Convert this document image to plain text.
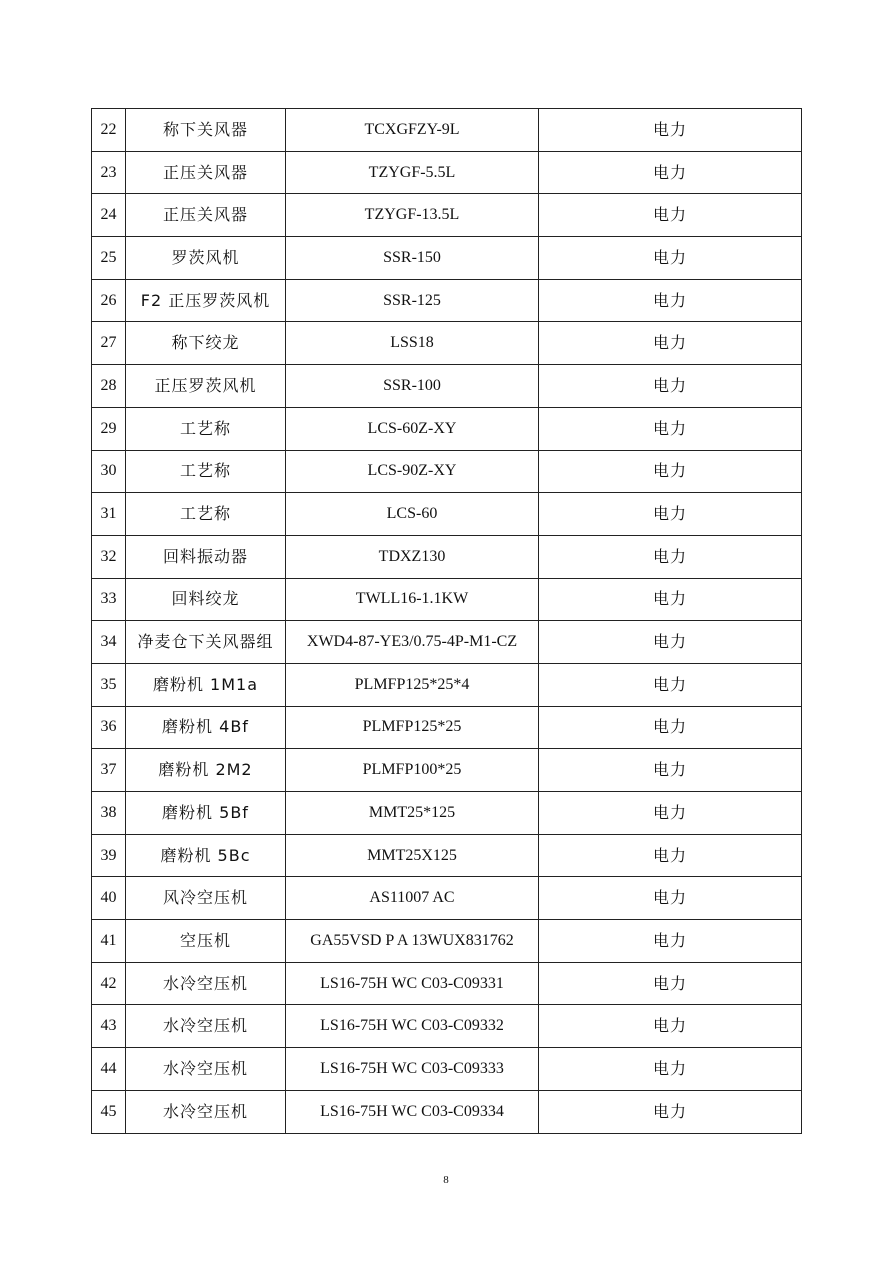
22	称下关风器	TCXGFZY-9L	电力
23	正压关风器	TZYGF-5.5L	电力
24	正压关风器	TZYGF-13.5L	电力
25	罗茨风机	SSR-150	电力
26	F2 正压罗茨风机	SSR-125	电力
27	称下绞龙	LSS18	电力
28	正压罗茨风机	SSR-100	电力
29	工艺称	LCS-60Z-XY	电力
30	工艺称	LCS-90Z-XY	电力
31	工艺称	LCS-60	电力
32	回料振动器	TDXZ130	电力
33	回料绞龙	TWLL16-1.1KW	电力
34	净麦仓下关风器组	XWD4-87-YE3/0.75-4P-M1-CZ	电力
35	磨粉机 1M1a	PLMFP125*25*4	电力
36	磨粉机 4Bf	PLMFP125*25	电力
37	磨粉机 2M2	PLMFP100*25	电力
38	磨粉机 5Bf	MMT25*125	电力
39	磨粉机 5Bc	MMT25X125	电力
40	风冷空压机	AS11007 AC	电力
41	空压机	GA55VSD P A 13WUX831762	电力
42	水冷空压机	LS16-75H WC C03-C09331	电力
43	水冷空压机	LS16-75H WC C03-C09332	电力
44	水冷空压机	LS16-75H WC C03-C09333	电力
45	水冷空压机	LS16-75H WC C03-C09334	电力
8
